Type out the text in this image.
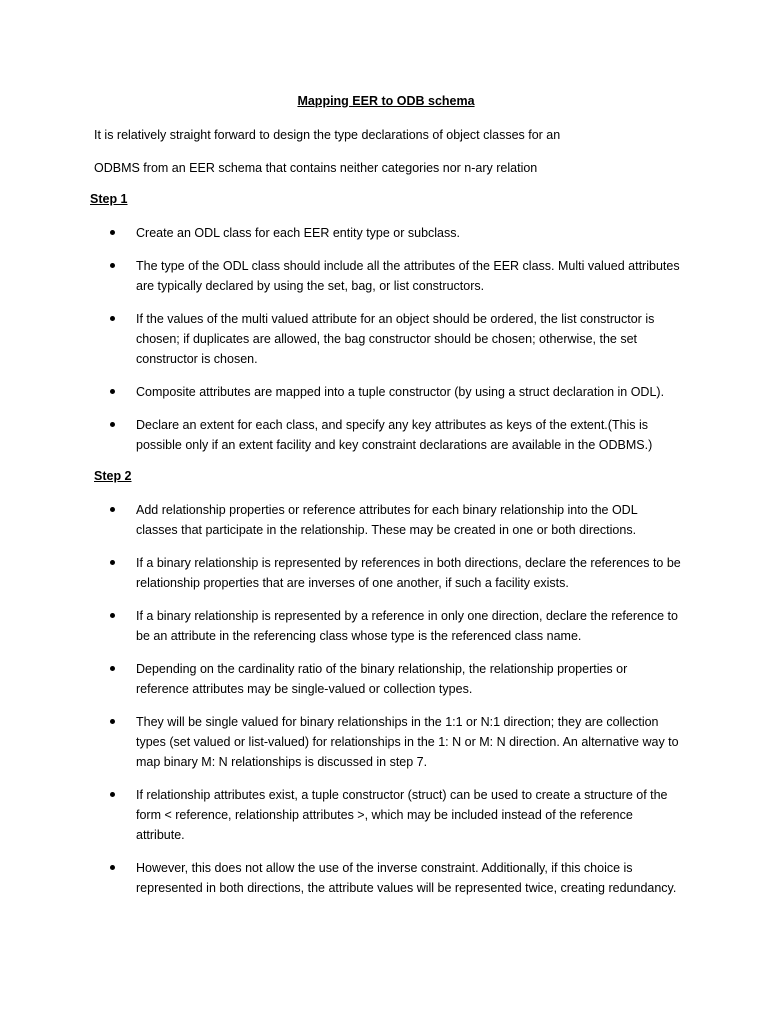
Mapping EER to ODB schema
It is relatively straight forward to design the type declarations of object classes for an
ODBMS from an EER schema that contains neither categories nor n-ary relation
Step 1
Create an ODL class for each EER entity type or subclass.
The type of the ODL class should include all the attributes of the EER class. Multi valued attributes are typically declared by using the set, bag, or list constructors.
If the values of the multi valued attribute for an object should be ordered, the list constructor is chosen; if duplicates are allowed, the bag constructor should be chosen; otherwise, the set constructor is chosen.
Composite attributes are mapped into a tuple constructor (by using a struct declaration in ODL).
Declare an extent for each class, and specify any key attributes as keys of the extent.(This is possible only if an extent facility and key constraint declarations are available in the ODBMS.)
Step 2
Add relationship properties or reference attributes for each binary relationship into the ODL classes that participate in the relationship. These may be created in one or both directions.
If a binary relationship is represented by references in both directions, declare the references to be relationship properties that are inverses of one another, if such a facility exists.
If a binary relationship is represented by a reference in only one direction, declare the reference to be an attribute in the referencing class whose type is the referenced class name.
Depending on the cardinality ratio of the binary relationship, the relationship properties or reference attributes may be single-valued or collection types.
They will be single valued for binary relationships in the 1:1 or N:1 direction; they are collection types (set valued or list-valued) for relationships in the 1: N or M: N direction. An alternative way to map binary M: N relationships is discussed in step 7.
If relationship attributes exist, a tuple constructor (struct) can be used to create a structure of the form < reference, relationship attributes >, which may be included instead of the reference attribute.
However, this does not allow the use of the inverse constraint. Additionally, if this choice is represented in both directions, the attribute values will be represented twice, creating redundancy.
